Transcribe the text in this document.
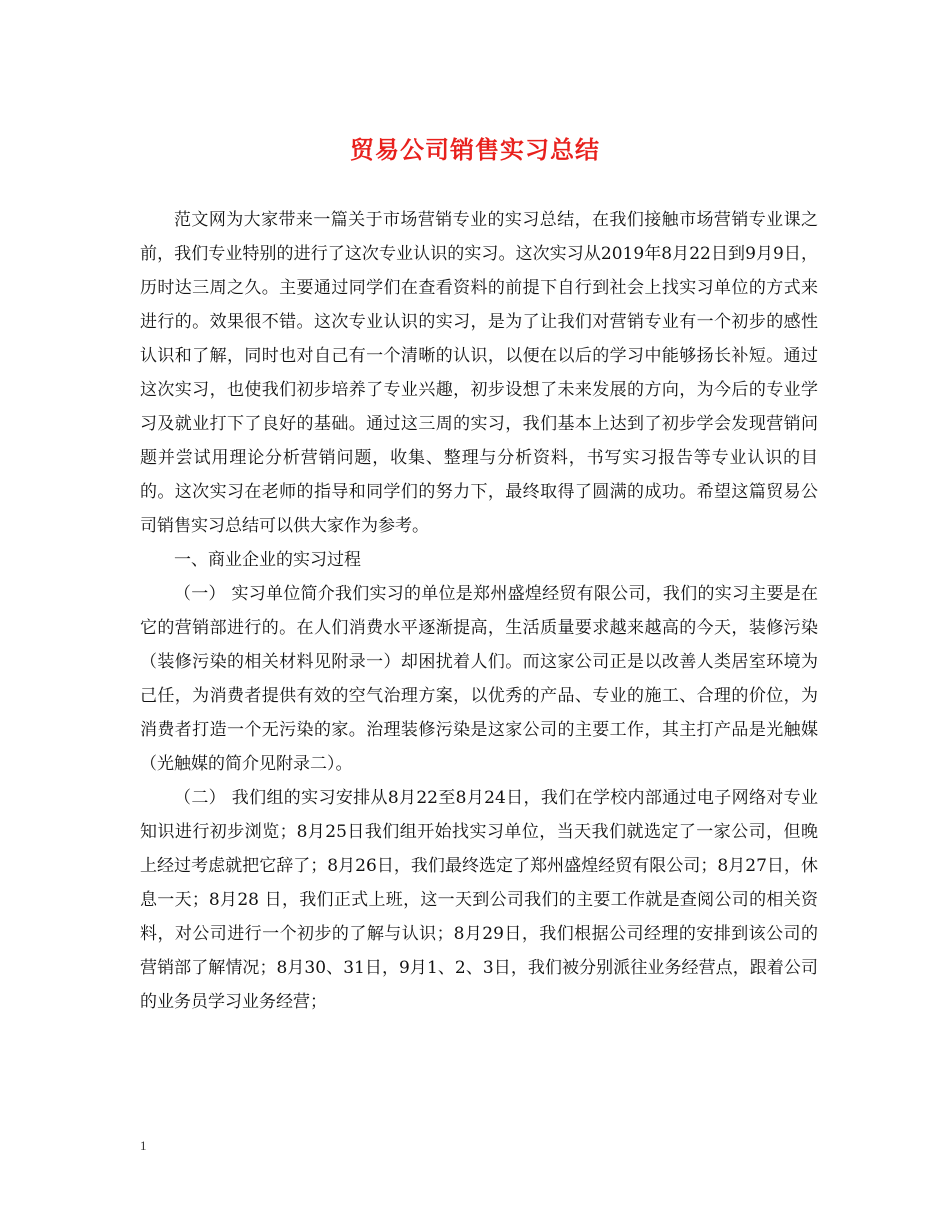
贸易公司销售实习总结

范文网为大家带来一篇关于市场营销专业的实习总结，在我们接触市场营销专业课之前，我们专业特别的进行了这次专业认识的实习。这次实习从2019年8月22日到9月9日，历时达三周之久。主要通过同学们在查看资料的前提下自行到社会上找实习单位的方式来进行的。效果很不错。这次专业认识的实习，是为了让我们对营销专业有一个初步的感性认识和了解，同时也对自己有一个清晰的认识，以便在以后的学习中能够扬长补短。通过这次实习，也使我们初步培养了专业兴趣，初步设想了未来发展的方向，为今后的专业学习及就业打下了良好的基础。通过这三周的实习，我们基本上达到了初步学会发现营销问题并尝试用理论分析营销问题，收集、整理与分析资料，书写实习报告等专业认识的目的。这次实习在老师的指导和同学们的努力下，最终取得了圆满的成功。希望这篇贸易公司销售实习总结可以供大家作为参考。

一、商业企业的实习过程

（一） 实习单位简介我们实习的单位是郑州盛煌经贸有限公司，我们的实习主要是在它的营销部进行的。在人们消费水平逐渐提高，生活质量要求越来越高的今天，装修污染（装修污染的相关材料见附录一）却困扰着人们。而这家公司正是以改善人类居室环境为己任，为消费者提供有效的空气治理方案，以优秀的产品、专业的施工、合理的价位，为消费者打造一个无污染的家。治理装修污染是这家公司的主要工作，其主打产品是光触媒（光触媒的简介见附录二）。

（二） 我们组的实习安排从8月22至8月24日，我们在学校内部通过电子网络对专业知识进行初步浏览；8月25日我们组开始找实习单位，当天我们就选定了一家公司，但晚上经过考虑就把它辞了；8月26日，我们最终选定了郑州盛煌经贸有限公司；8月27日，休息一天；8月28 日，我们正式上班，这一天到公司我们的主要工作就是查阅公司的相关资料，对公司进行一个初步的了解与认识；8月29日，我们根据公司经理的安排到该公司的营销部了解情况；8月30、31日，9月1、2、3日，我们被分别派往业务经营点，跟着公司的业务员学习业务经营；

1
